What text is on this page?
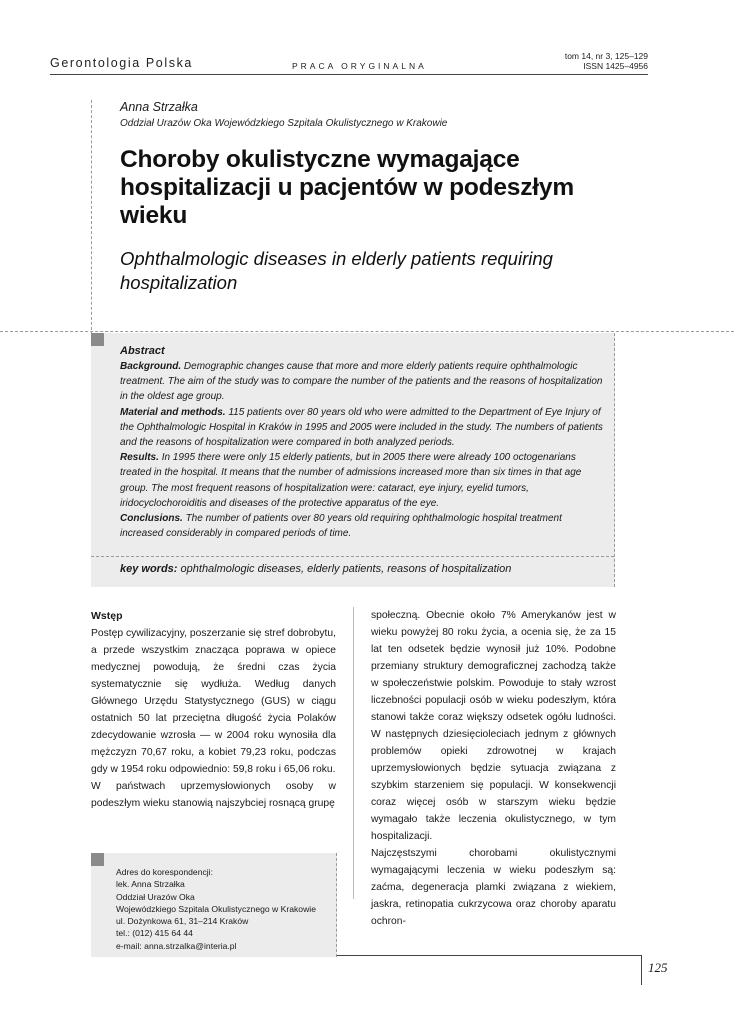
Gerontologia Polska	PRACA ORYGINALNA
tom 14, nr 3, 125–129
ISSN 1425–4956
Anna Strzałka
Oddział Urazów Oka Wojewódzkiego Szpitala Okulistycznego w Krakowie
Choroby okulistyczne wymagające hospitalizacji u pacjentów w podeszłym wieku
Ophthalmologic diseases in elderly patients requiring hospitalization

Abstract

Background. Demographic changes cause that more and more elderly patients require ophthalmologic treatment. The aim of the study was to compare the number of the patients and the reasons of hospitalization in the oldest age group.

Material and methods. 115 patients over 80 years old who were admitted to the Department of Eye Injury of the Ophthalmologic Hospital in Kraków in 1995 and 2005 were included in the study. The numbers of patients and the reasons of hospitalization were compared in both analyzed periods.

Results. In 1995 there were only 15 elderly patients, but in 2005 there were already 100 octogenarians treated in the hospital. It means that the number of admissions increased more than six times in that age group. The most frequent reasons of hospitalization were: cataract, eye injury, eyelid tumors, iridocyclochoroiditis and diseases of the protective apparatus of the eye.

Conclusions. The number of patients over 80 years old requiring ophthalmologic hospital treatment increased considerably in compared periods of time.

key words: ophthalmologic diseases, elderly patients, reasons of hospitalization
Wstęp

Postęp cywilizacyjny, poszerzanie się stref dobrobytu, a przede wszystkim znacząca poprawa w opiece medycznej powodują, że średni czas życia systematycznie się wydłuża. Według danych Głównego Urzędu Statystycznego (GUS) w ciągu ostatnich 50 lat przeciętna długość życia Polaków zdecydowanie wzrosła — w 2004 roku wynosiła dla mężczyzn 70,67 roku, a kobiet 79,23 roku, podczas gdy w 1954 roku odpowiednio: 59,8 roku i 65,06 roku.

W państwach uprzemysłowionych osoby w podeszłym wieku stanowią najszybciej rosnącą grupę

społeczną. Obecnie około 7% Amerykanów jest w wieku powyżej 80 roku życia, a ocenia się, że za 15 lat ten odsetek będzie wynosił już 10%. Podobne przemiany struktury demograficznej zachodzą także w społeczeństwie polskim. Powoduje to stały wzrost liczebności populacji osób w wieku podeszłym, która stanowi także coraz większy odsetek ogółu ludności. W następnych dziesięcioleciach jednym z głównych problemów opieki zdrowotnej w krajach uprzemysłowionych będzie sytuacja związana z szybkim starzeniem się populacji. W konsekwencji coraz więcej osób w starszym wieku będzie wymagało także leczenia okulistycznego, w tym hospitalizacji.

Najczęstszymi chorobami okulistycznymi wymagającymi leczenia w wieku podeszłym są: zaćma, degeneracja plamki związana z wiekiem, jaskra, retinopatia cukrzycowa oraz choroby aparatu ochron-

Adres do korespondencji:
lek. Anna Strzałka
Oddział Urazów Oka
Wojewódzkiego Szpitala Okulistycznego w Krakowie
ul. Dożynkowa 61, 31–214 Kraków
tel.: (012) 415 64 44
e-mail: anna.strzalka@interia.pl
125
